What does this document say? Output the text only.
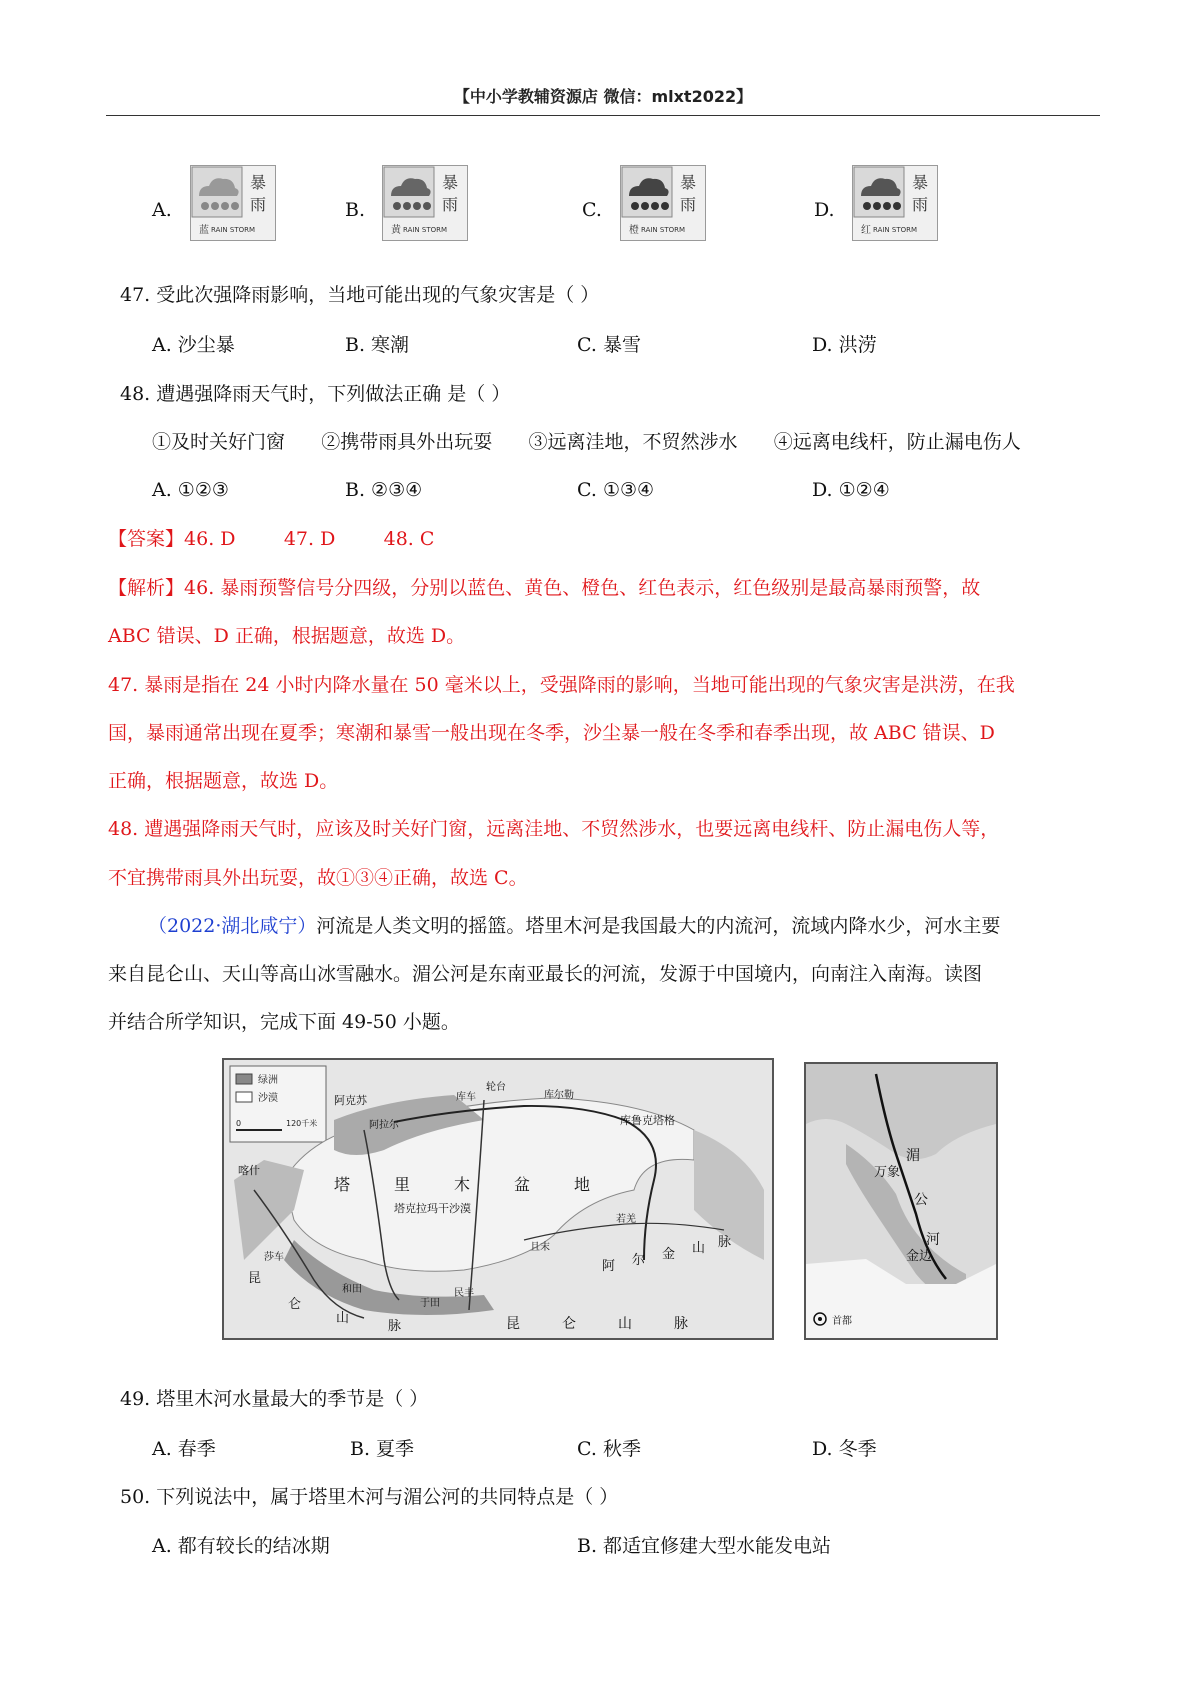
【中小学教辅资源店 微信：mlxt2022】
A.
暴
雨
蓝 RAIN STORM
B.
暴
雨
黄 RAIN STORM
C.
暴
雨
橙 RAIN STORM
D.
暴
雨
红 RAIN STORM
47. 受此次强降雨影响，当地可能出现的气象灾害是（ ）
A. 沙尘暴	B. 寒潮	C. 暴雪	D. 洪涝
48. 遭遇强降雨天气时，下列做法正确 是（ ）
①及时关好门窗      ②携带雨具外出玩耍      ③远离洼地，不贸然涉水      ④远离电线杆，防止漏电伤人
A. ①②③	B. ②③④	C. ①③④	D. ①②④
【答案】46. D        47. D        48. C
【解析】46. 暴雨预警信号分四级，分别以蓝色、黄色、橙色、红色表示，红色级别是最高暴雨预警，故
ABC 错误、D 正确，根据题意，故选 D。
47. 暴雨是指在 24 小时内降水量在 50 毫米以上，受强降雨的影响，当地可能出现的气象灾害是洪涝，在我
国，暴雨通常出现在夏季；寒潮和暴雪一般出现在冬季，沙尘暴一般在冬季和春季出现，故 ABC 错误、D
正确，根据题意，故选 D。
48. 遭遇强降雨天气时，应该及时关好门窗，远离洼地、不贸然涉水，也要远离电线杆、防止漏电伤人等，
不宜携带雨具外出玩耍，故①③④正确，故选 C。
（2022·湖北咸宁）河流是人类文明的摇篮。塔里木河是我国最大的内流河，流域内降水少，河水主要
来自昆仑山、天山等高山冰雪融水。湄公河是东南亚最长的河流，发源于中国境内，向南注入南海。读图
并结合所学知识，完成下面 49-50 小题。
绿洲
沙漠
0	120千米
阿克苏
阿拉尔
库车
轮台
库尔勒
喀什
塔	里	木	盆	地
塔克拉玛干沙漠
莎车
和田
于田
民丰
且末
若羌
阿 尔 金 山 脉
昆	仑	山	脉
库鲁克塔格
昆
仑
山
脉
湄
公
河
万象
金边
首都
49. 塔里木河水量最大的季节是（ ）
A. 春季	B. 夏季	C. 秋季	D. 冬季
50. 下列说法中，属于塔里木河与湄公河的共同特点是（ ）
A. 都有较长的结冰期	B. 都适宜修建大型水能发电站
